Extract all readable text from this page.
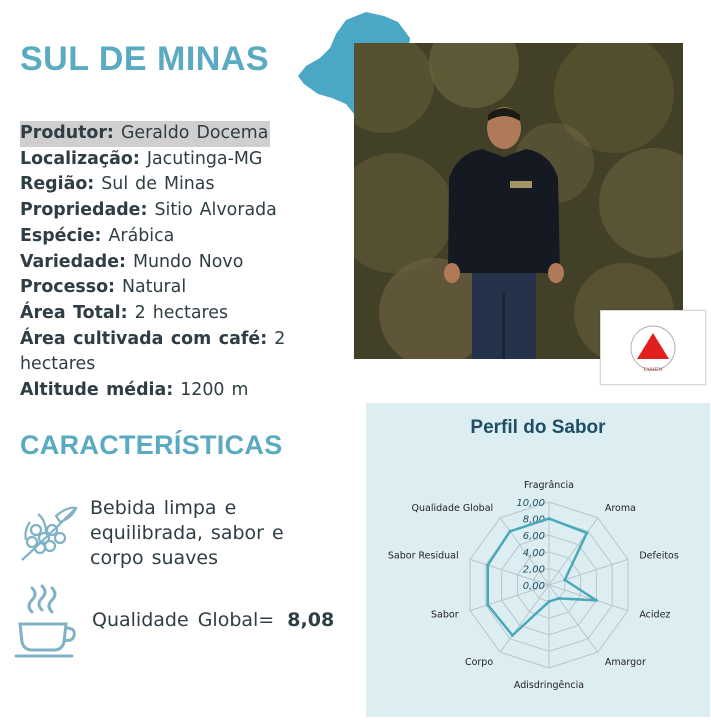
SUL DE MINAS
Produtor: Geraldo Docema
Localização: Jacutinga-MG
Região: Sul de Minas
Propriedade: Sitio Alvorada
Espécie: Arábica
Variedade: Mundo Novo
Processo: Natural
Área Total: 2 hectares
Área cultivada com café: 2 hectares
Altitude média: 1200 m
TAMEN
CARACTERÍSTICAS
Bebida limpa e equilibrada, sabor e corpo suaves
Qualidade Global= 8,08
Perfil do Sabor
0,00
2,00
4,00
6,00
8,00
10,00
Fragrância
Aroma
Defeitos
Acidez
Amargor
Adisdringência
Corpo
Sabor
Sabor Residual
Qualidade Global
